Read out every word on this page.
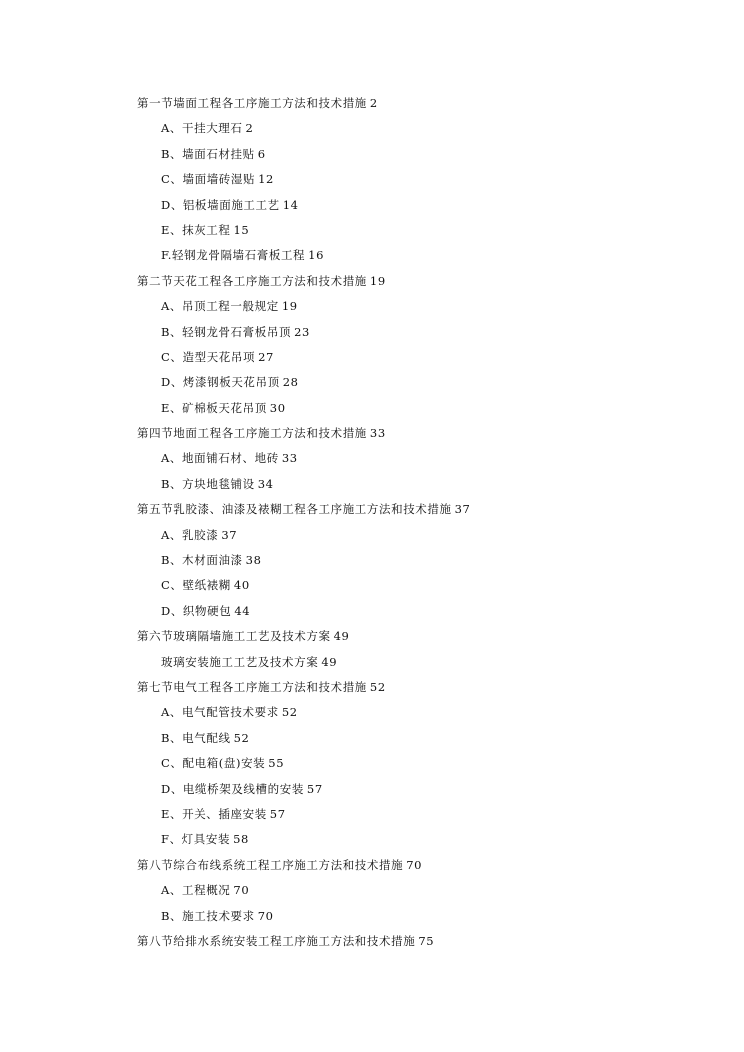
第一节墙面工程各工序施工方法和技术措施 2
A、干挂大理石 2
B、墙面石材挂贴 6
C、墙面墙砖湿贴 12
D、铝板墙面施工工艺 14
E、抹灰工程 15
F.轻钢龙骨隔墙石膏板工程 16
第二节天花工程各工序施工方法和技术措施 19
A、吊顶工程一般规定 19
B、轻钢龙骨石膏板吊顶 23
C、造型天花吊项 27
D、烤漆钢板天花吊顶 28
E、矿棉板天花吊顶 30
第四节地面工程各工序施工方法和技术措施 33
A、地面铺石材、地砖 33
B、方块地毯铺设 34
第五节乳胶漆、油漆及裱糊工程各工序施工方法和技术措施 37
A、乳胶漆 37
B、木材面油漆 38
C、壁纸裱糊 40
D、织物硬包 44
第六节玻璃隔墙施工工艺及技术方案 49
玻璃安装施工工艺及技术方案 49
第七节电气工程各工序施工方法和技术措施 52
A、电气配管技术要求 52
B、电气配线 52
C、配电箱(盘)安装 55
D、电缆桥架及线槽的安装 57
E、开关、插座安装 57
F、灯具安装 58
第八节综合布线系统工程工序施工方法和技术措施 70
A、工程概况 70
B、施工技术要求 70
第八节给排水系统安装工程工序施工方法和技术措施 75
